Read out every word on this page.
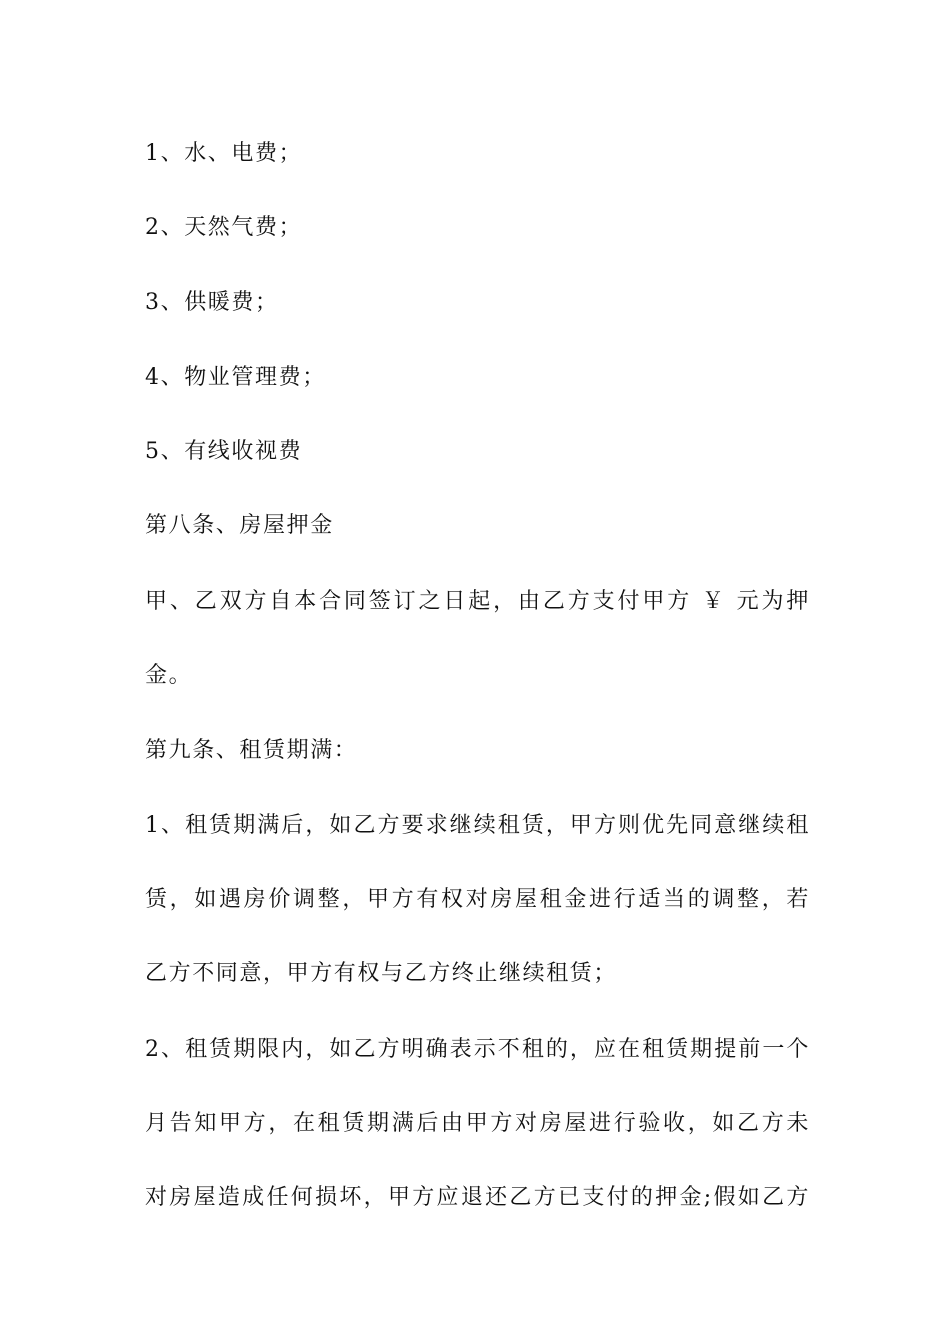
1、水、电费；
2、天然气费；
3、供暖费；
4、物业管理费；
5、有线收视费
第八条、房屋押金
甲、乙双方自本合同签订之日起，由乙方支付甲方 ￥ 元为押
金。
第九条、租赁期满：
1、租赁期满后，如乙方要求继续租赁，甲方则优先同意继续租
赁，如遇房价调整，甲方有权对房屋租金进行适当的调整，若
乙方不同意，甲方有权与乙方终止继续租赁；
2、租赁期限内，如乙方明确表示不租的，应在租赁期提前一个
月告知甲方，在租赁期满后由甲方对房屋进行验收，如乙方未
对房屋造成任何损坏，甲方应退还乙方已支付的押金;假如乙方
